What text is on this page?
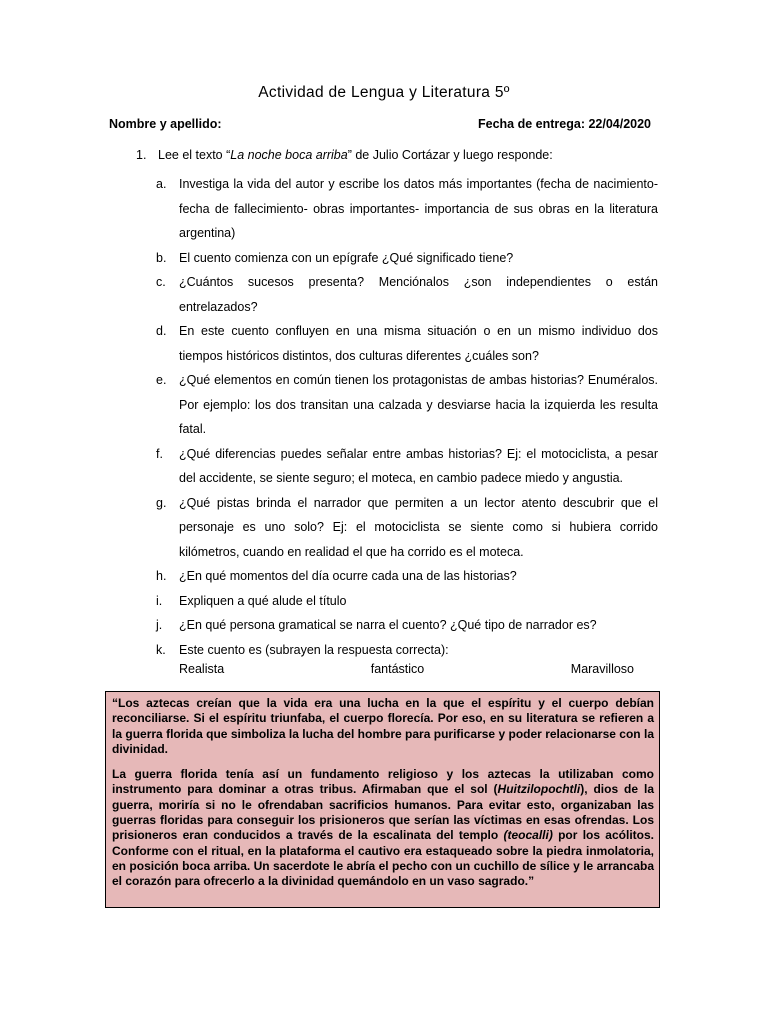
Actividad de Lengua y Literatura 5º
Nombre y apellido:	Fecha de entrega: 22/04/2020
1. Lee el texto “La noche boca arriba” de Julio Cortázar y luego responde:
a. Investiga la vida del autor y escribe los datos más importantes (fecha de nacimiento- fecha de fallecimiento- obras importantes- importancia de sus obras en la literatura argentina)
b. El cuento comienza con un epígrafe ¿Qué significado tiene?
c. ¿Cuántos sucesos presenta? Menciónalos ¿son independientes o están entrelazados?
d. En este cuento confluyen en una misma situación o en un mismo individuo dos tiempos históricos distintos, dos culturas diferentes ¿cuáles son?
e. ¿Qué elementos en común tienen los protagonistas de ambas historias? Enuméralos. Por ejemplo: los dos transitan una calzada y desviarse hacia la izquierda les resulta fatal.
f. ¿Qué diferencias puedes señalar entre ambas historias? Ej: el motociclista, a pesar del accidente, se siente seguro; el moteca, en cambio padece miedo y angustia.
g. ¿Qué pistas brinda el narrador que permiten a un lector atento descubrir que el personaje es uno solo? Ej: el motociclista se siente como si hubiera corrido kilómetros, cuando en realidad el que ha corrido es el moteca.
h. ¿En qué momentos del día ocurre cada una de las historias?
i. Expliquen a qué alude el título
j. ¿En qué persona gramatical se narra el cuento? ¿Qué tipo de narrador es?
k. Este cuento es (subrayen la respuesta correcta):
Realista	fantástico	Maravilloso

“Los aztecas creían que la vida era una lucha en la que el espíritu y el cuerpo debían reconciliarse. Si el espíritu triunfaba, el cuerpo florecía. Por eso, en su literatura se refieren a la guerra florida que simboliza la lucha del hombre para purificarse y poder relacionarse con la divinidad.

La guerra florida tenía así un fundamento religioso y los aztecas la utilizaban como instrumento para dominar a otras tribus. Afirmaban que el sol (Huitzilopochtli), dios de la guerra, moriría si no le ofrendaban sacrificios humanos. Para evitar esto, organizaban las guerras floridas para conseguir los prisioneros que serían las víctimas en esas ofrendas. Los prisioneros eran conducidos a través de la escalinata del templo (teocalli) por los acólitos. Conforme con el ritual, en la plataforma el cautivo era estaqueado sobre la piedra inmolatoria, en posición boca arriba. Un sacerdote le abría el pecho con un cuchillo de sílice y le arrancaba el corazón para ofrecerlo a la divinidad quemándolo en un vaso sagrado.”
